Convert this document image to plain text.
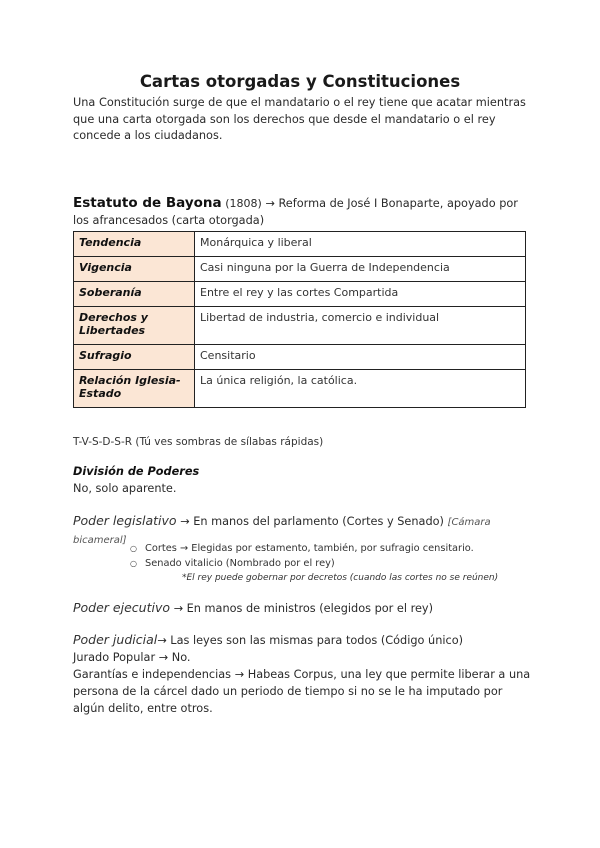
Cartas otorgadas y Constituciones
Una Constitución surge de que el mandatario o el rey tiene que acatar mientras que una carta otorgada son los derechos que desde el mandatario o el rey concede a los ciudadanos.
Estatuto de Bayona (1808) → Reforma de José I Bonaparte, apoyado por los afrancesados (carta otorgada)
Tendencia	Monárquica y liberal
Vigencia	Casi ninguna por la Guerra de Independencia
Soberanía	Entre el rey y las cortes Compartida
Derechos y Libertades	Libertad de industria, comercio e individual
Sufragio	Censitario
Relación Iglesia-Estado	La única religión, la católica.
T-V-S-D-S-R (Tú ves sombras de sílabas rápidas)
División de Poderes
No, solo aparente.
Poder legislativo → En manos del parlamento (Cortes y Senado) [Cámara bicameral]
○ Cortes → Elegidas por estamento, también, por sufragio censitario.
○ Senado vitalicio (Nombrado por el rey)
*El rey puede gobernar por decretos (cuando las cortes no se reúnen)
Poder ejecutivo → En manos de ministros (elegidos por el rey)
Poder judicial→ Las leyes son las mismas para todos (Código único)
Jurado Popular → No.
Garantías e independencias → Habeas Corpus, una ley que permite liberar a una persona de la cárcel dado un periodo de tiempo si no se le ha imputado por algún delito, entre otros.
